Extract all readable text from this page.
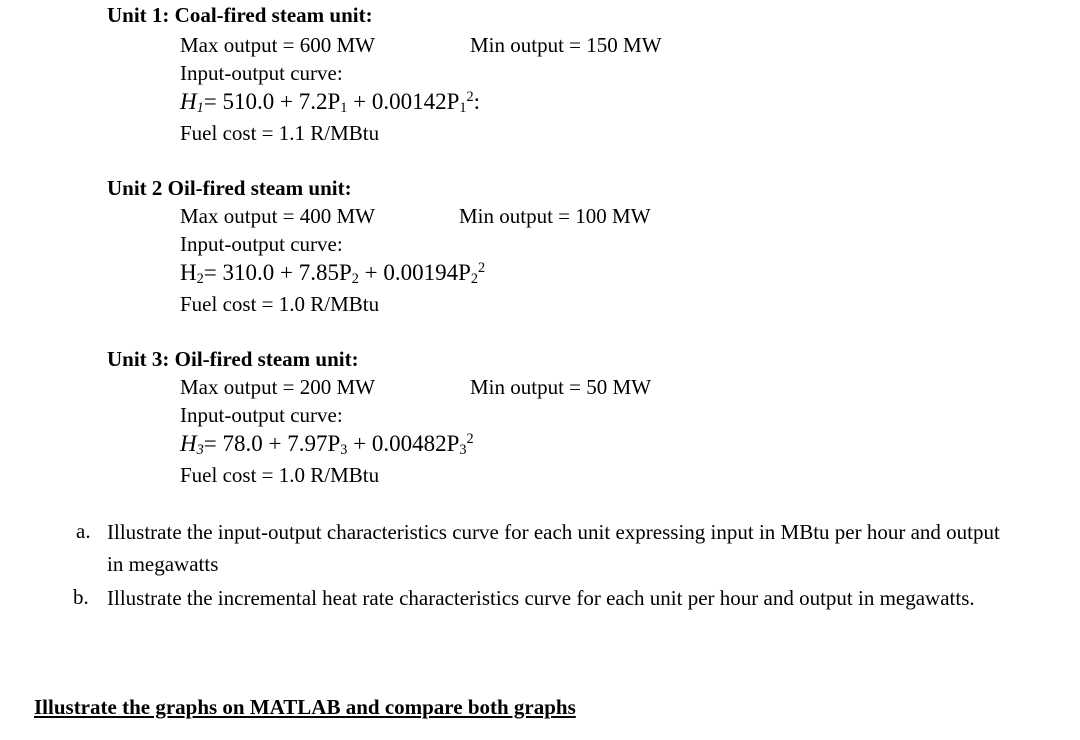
Unit 1: Coal-fired steam unit:
Max output = 600 MW	Min output = 150 MW
Input-output curve:
$H_1= 510.0 + 7.2P_1 + 0.00142P_1^2$:
Fuel cost = 1.1 R/MBtu
Unit 2 Oil-fired steam unit:
Max output = 400 MW	Min output = 100 MW
Input-output curve:
$H_2= 310.0 + 7.85P_2 + 0.00194P_2^2$
Fuel cost = 1.0 R/MBtu
Unit 3: Oil-fired steam unit:
Max output = 200 MW	Min output = 50 MW
Input-output curve:
$H_3= 78.0 + 7.97P_3 + 0.00482P_3^2$
Fuel cost = 1.0 R/MBtu
a. Illustrate the input-output characteristics curve for each unit expressing input in MBtu per hour and output in megawatts
b. Illustrate the incremental heat rate characteristics curve for each unit per hour and output in megawatts.
Illustrate the graphs on MATLAB and compare both graphs
